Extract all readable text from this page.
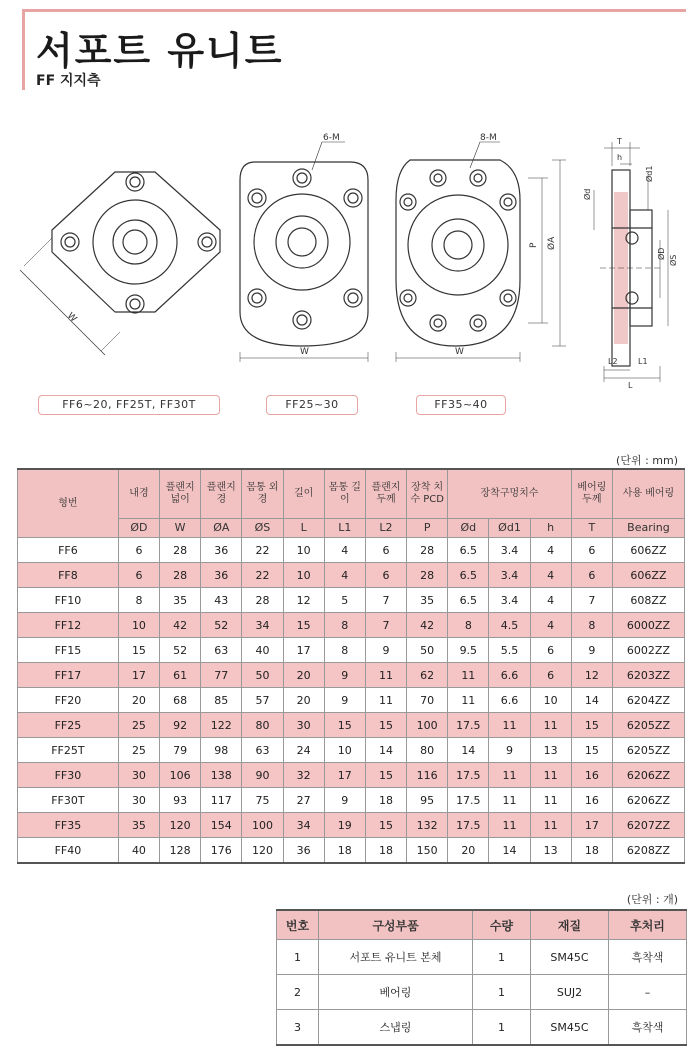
서포트 유니트
FF 지지측
W
6-M
W
8-M
W
P ØA
T
h
Ød1
Ød
ØD
ØS
L2	L1
L
FF6~20, FF25T, FF30T	FF25~30	FF35~40
(단위 : mm)
형번	내경	플랜지 넓이	플랜지 경	몸통 외경	길이	몸통 길이	플랜지 두께	장착 치수 PCD	장착구멍치수			베어링 두께	사용 베어링
	ØD	W	ØA	ØS	L	L1	L2	P	Ød	Ød1	h	T	Bearing
FF6	6	28	36	22	10	4	6	28	6.5	3.4	4	6	606ZZ
FF8	6	28	36	22	10	4	6	28	6.5	3.4	4	6	606ZZ
FF10	8	35	43	28	12	5	7	35	6.5	3.4	4	7	608ZZ
FF12	10	42	52	34	15	8	7	42	8	4.5	4	8	6000ZZ
FF15	15	52	63	40	17	8	9	50	9.5	5.5	6	9	6002ZZ
FF17	17	61	77	50	20	9	11	62	11	6.6	6	12	6203ZZ
FF20	20	68	85	57	20	9	11	70	11	6.6	10	14	6204ZZ
FF25	25	92	122	80	30	15	15	100	17.5	11	11	15	6205ZZ
FF25T	25	79	98	63	24	10	14	80	14	9	13	15	6205ZZ
FF30	30	106	138	90	32	17	15	116	17.5	11	11	16	6206ZZ
FF30T	30	93	117	75	27	9	18	95	17.5	11	11	16	6206ZZ
FF35	35	120	154	100	34	19	15	132	17.5	11	11	17	6207ZZ
FF40	40	128	176	120	36	18	18	150	20	14	13	18	6208ZZ
(단위 : 개)
번호	구성부품	수량	재질	후처리
1	서포트 유니트 본체	1	SM45C	흑착색
2	베어링	1	SUJ2	–
3	스냅링	1	SM45C	흑착색
